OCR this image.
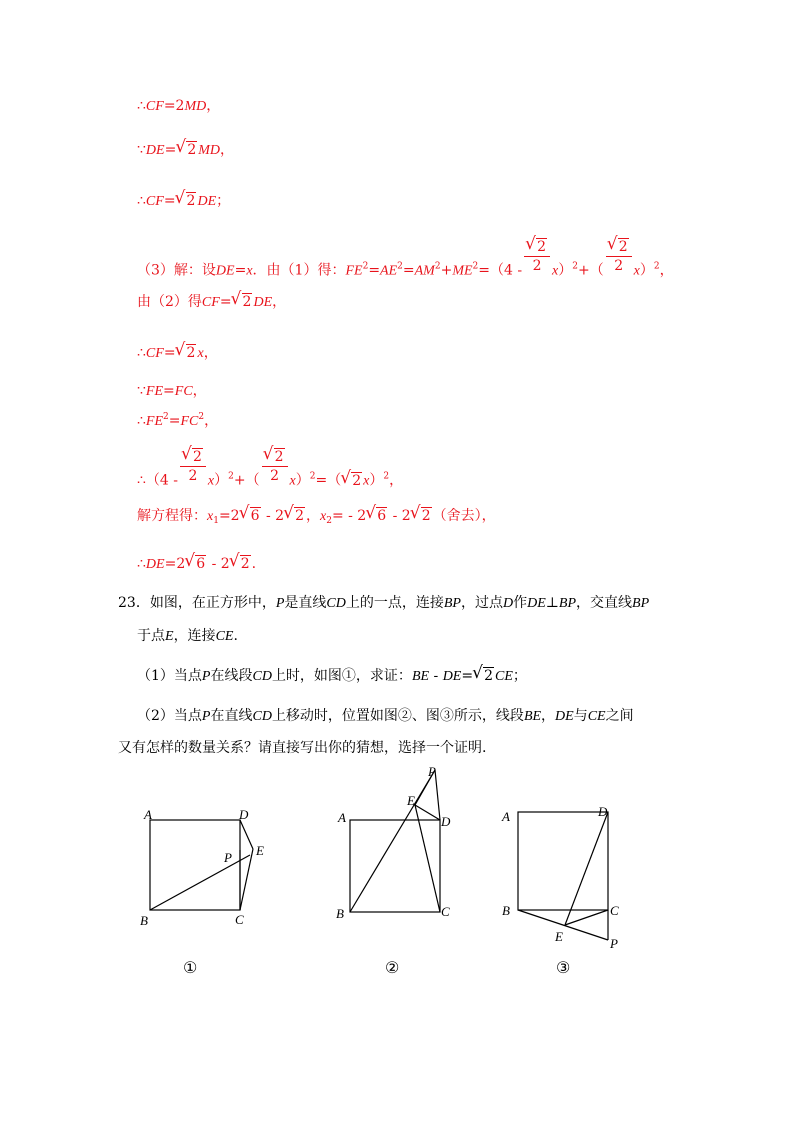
∴CF=2MD，
∵DE=√ 2 MD，
∴CF=√ 2 DE；
（3）解：设DE=x．由（1）得：$FE^2=AE^2=AM^2+ME^2=(4$ -
√ $\frac{2}{2} x)^2+$（
√ $\frac{2}{2} x)^2$，
由（2）得CF=√ 2 DE，
∴CF=√ 2 x，
∵FE=FC，
$\therefore FE^2=FC^2$，
∴（4 -
√ $\frac{2}{2} x)^2+$（
√ $\frac{2}{2} x)^2=(√$ 2 x）$^2$，
解方程得：$x_1=2√$ 6 - 2√ 2 ，$x_2= - 2√$ 6 - 2√ 2 （舍去），
∴DE=2√ 6 - 2√ 2 .
23．如图，在正方形中，P是直线CD上的一点，连接BP，过点D作DE⊥BP，交直线BP
于点E，连接CE.
（1）当点P在线段CD上时，如图①，求证：BE - DE=√ 2 CE；
（2）当点P在直线CD上移动时，位置如图②、图③所示，线段BE，DE与CE之间
又有怎样的数量关系？请直接写出你的猜想，选择一个证明.
A
B	C
D
E
P
①
A
B	C
D
E
P
②
A
B	C
D
E	P
③
